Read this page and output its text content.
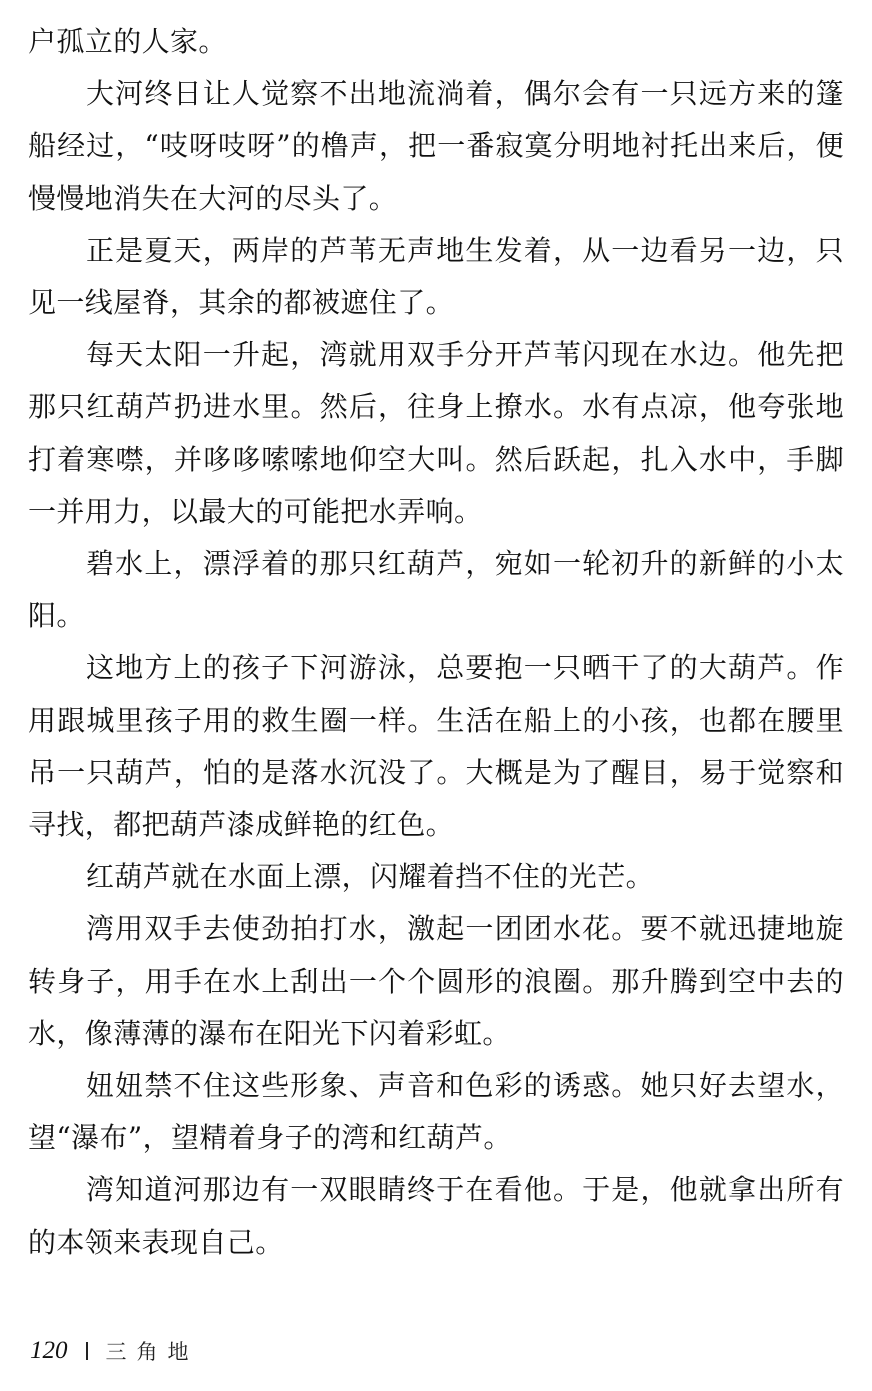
户孤立的人家。

大河终日让人觉察不出地流淌着，偶尔会有一只远方来的篷船经过，“吱呀吱呀”的橹声，把一番寂寞分明地衬托出来后，便慢慢地消失在大河的尽头了。

正是夏天，两岸的芦苇无声地生发着，从一边看另一边，只见一线屋脊，其余的都被遮住了。

每天太阳一升起，湾就用双手分开芦苇闪现在水边。他先把那只红葫芦扔进水里。然后，往身上撩水。水有点凉，他夸张地打着寒噤，并哆哆嗦嗦地仰空大叫。然后跃起，扎入水中，手脚一并用力，以最大的可能把水弄响。

碧水上，漂浮着的那只红葫芦，宛如一轮初升的新鲜的小太阳。

这地方上的孩子下河游泳，总要抱一只晒干了的大葫芦。作用跟城里孩子用的救生圈一样。生活在船上的小孩，也都在腰里吊一只葫芦，怕的是落水沉没了。大概是为了醒目，易于觉察和寻找，都把葫芦漆成鲜艳的红色。

红葫芦就在水面上漂，闪耀着挡不住的光芒。

湾用双手去使劲拍打水，激起一团团水花。要不就迅捷地旋转身子，用手在水上刮出一个个圆形的浪圈。那升腾到空中去的水，像薄薄的瀑布在阳光下闪着彩虹。

妞妞禁不住这些形象、声音和色彩的诱惑。她只好去望水，望“瀑布”，望精着身子的湾和红葫芦。

湾知道河那边有一双眼睛终于在看他。于是，他就拿出所有的本领来表现自己。

120 三角地
